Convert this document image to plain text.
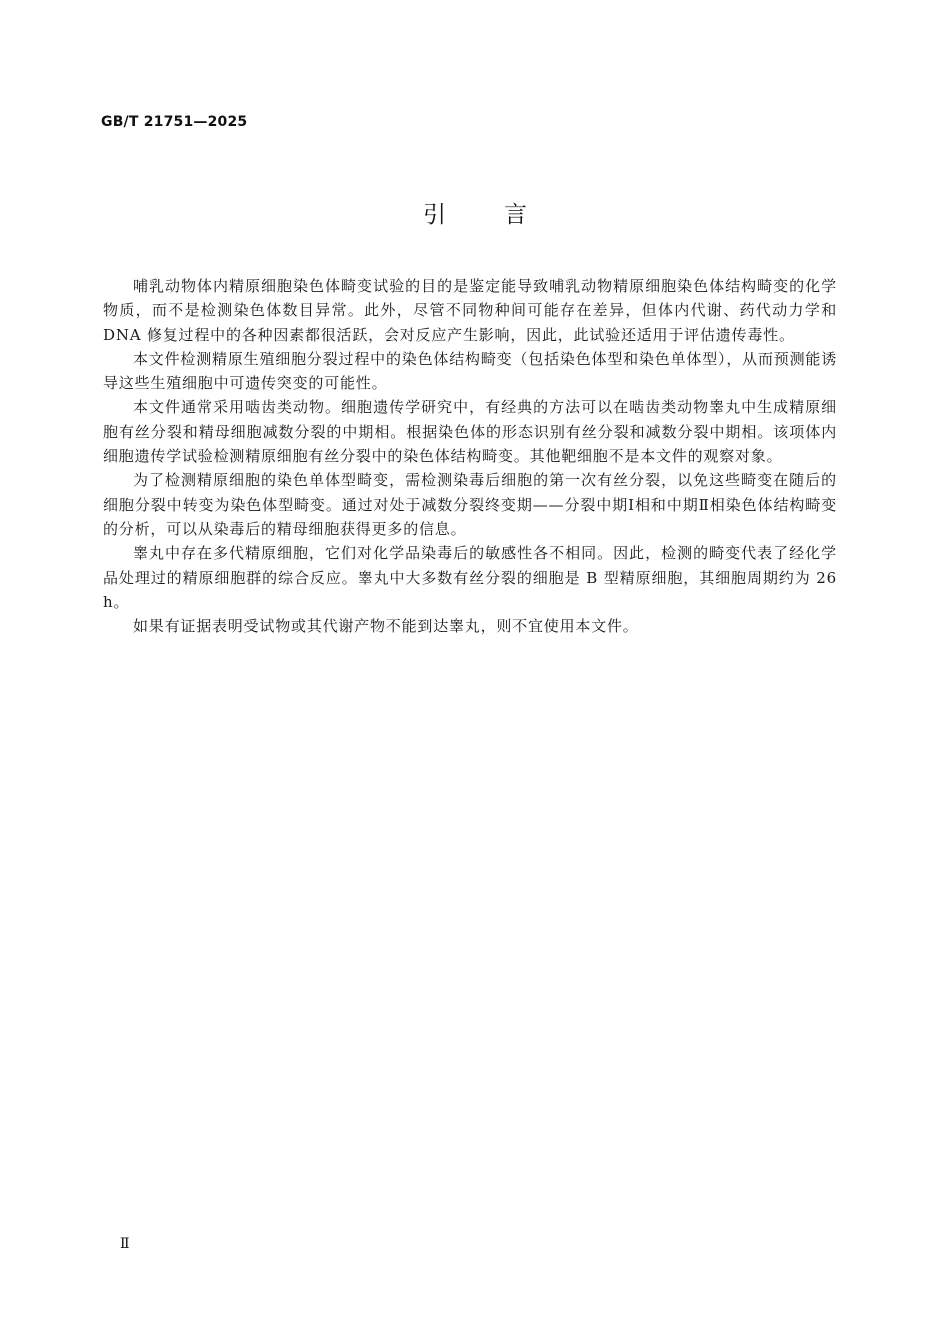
GB/T 21751—2025
引言

哺乳动物体内精原细胞染色体畸变试验的目的是鉴定能导致哺乳动物精原细胞染色体结构畸变的化学物质，而不是检测染色体数目异常。此外，尽管不同物种间可能存在差异，但体内代谢、药代动力学和 DNA 修复过程中的各种因素都很活跃，会对反应产生影响，因此，此试验还适用于评估遗传毒性。

本文件检测精原生殖细胞分裂过程中的染色体结构畸变（包括染色体型和染色单体型），从而预测能诱导这些生殖细胞中可遗传突变的可能性。

本文件通常采用啮齿类动物。细胞遗传学研究中，有经典的方法可以在啮齿类动物睾丸中生成精原细胞有丝分裂和精母细胞减数分裂的中期相。根据染色体的形态识别有丝分裂和减数分裂中期相。该项体内细胞遗传学试验检测精原细胞有丝分裂中的染色体结构畸变。其他靶细胞不是本文件的观察对象。

为了检测精原细胞的染色单体型畸变，需检测染毒后细胞的第一次有丝分裂，以免这些畸变在随后的细胞分裂中转变为染色体型畸变。通过对处于减数分裂终变期——分裂中期Ⅰ相和中期Ⅱ相染色体结构畸变的分析，可以从染毒后的精母细胞获得更多的信息。

睾丸中存在多代精原细胞，它们对化学品染毒后的敏感性各不相同。因此，检测的畸变代表了经化学品处理过的精原细胞群的综合反应。睾丸中大多数有丝分裂的细胞是 B 型精原细胞，其细胞周期约为 26 h。

如果有证据表明受试物或其代谢产物不能到达睾丸，则不宜使用本文件。

Ⅱ
